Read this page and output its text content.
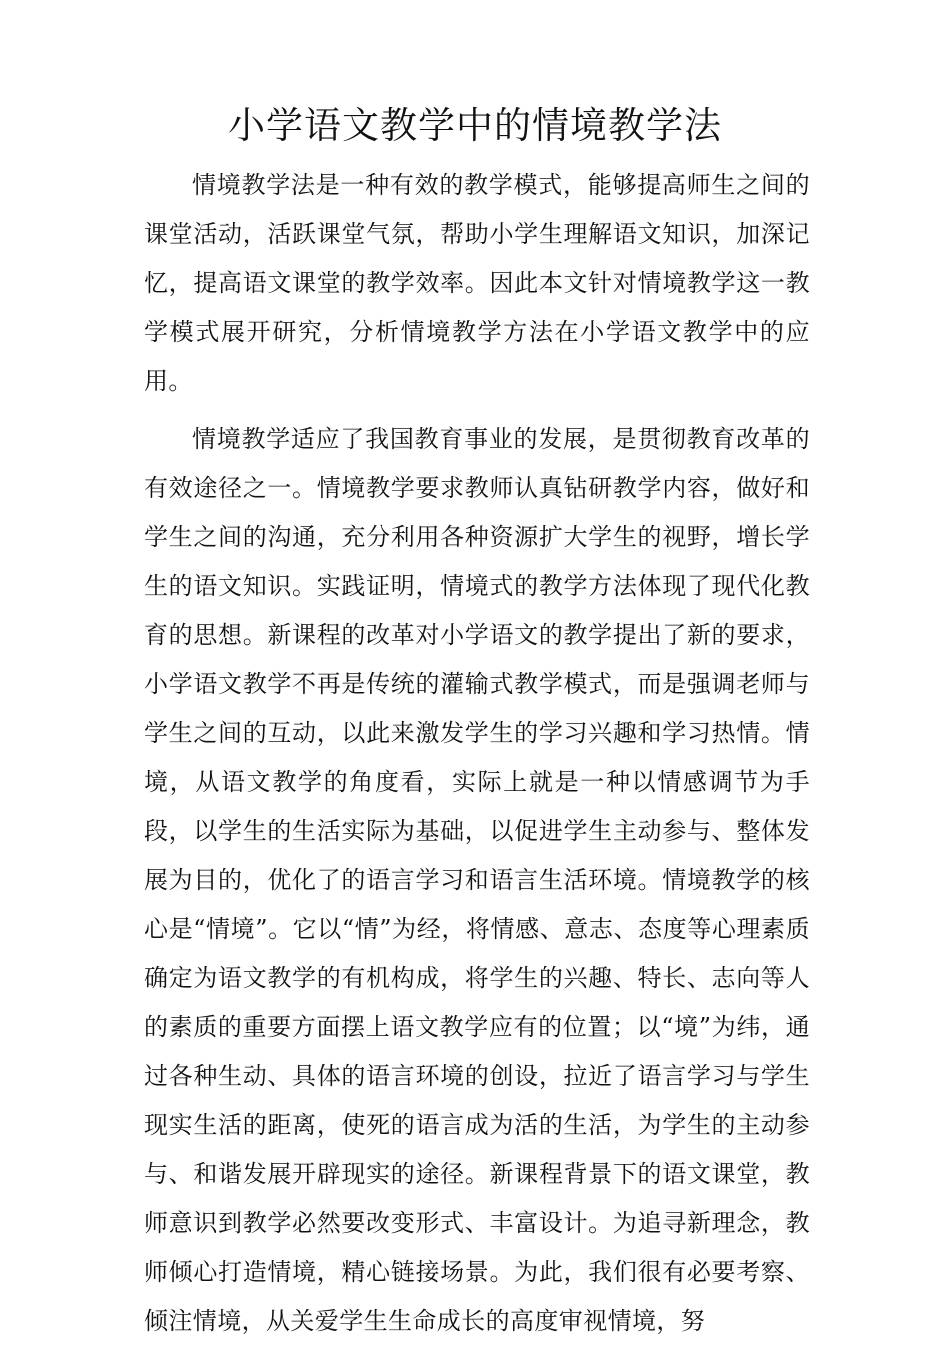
小学语文教学中的情境教学法

情境教学法是一种有效的教学模式，能够提高师生之间的课堂活动，活跃课堂气氛，帮助小学生理解语文知识，加深记忆，提高语文课堂的教学效率。因此本文针对情境教学这一教学模式展开研究，分析情境教学方法在小学语文教学中的应用。

情境教学适应了我国教育事业的发展，是贯彻教育改革的有效途径之一。情境教学要求教师认真钻研教学内容，做好和学生之间的沟通，充分利用各种资源扩大学生的视野，增长学生的语文知识。实践证明，情境式的教学方法体现了现代化教育的思想。新课程的改革对小学语文的教学提出了新的要求，小学语文教学不再是传统的灌输式教学模式，而是强调老师与学生之间的互动，以此来激发学生的学习兴趣和学习热情。情境，从语文教学的角度看，实际上就是一种以情感调节为手段，以学生的生活实际为基础，以促进学生主动参与、整体发展为目的，优化了的语言学习和语言生活环境。情境教学的核心是“情境”。它以“情”为经，将情感、意志、态度等心理素质确定为语文教学的有机构成，将学生的兴趣、特长、志向等人的素质的重要方面摆上语文教学应有的位置；以“境”为纬，通过各种生动、具体的语言环境的创设，拉近了语言学习与学生现实生活的距离，使死的语言成为活的生活，为学生的主动参与、和谐发展开辟现实的途径。新课程背景下的语文课堂，教师意识到教学必然要改变形式、丰富设计。为追寻新理念，教师倾心打造情境，精心链接场景。为此，我们很有必要考察、倾注情境，从关爱学生生命成长的高度审视情境，努
